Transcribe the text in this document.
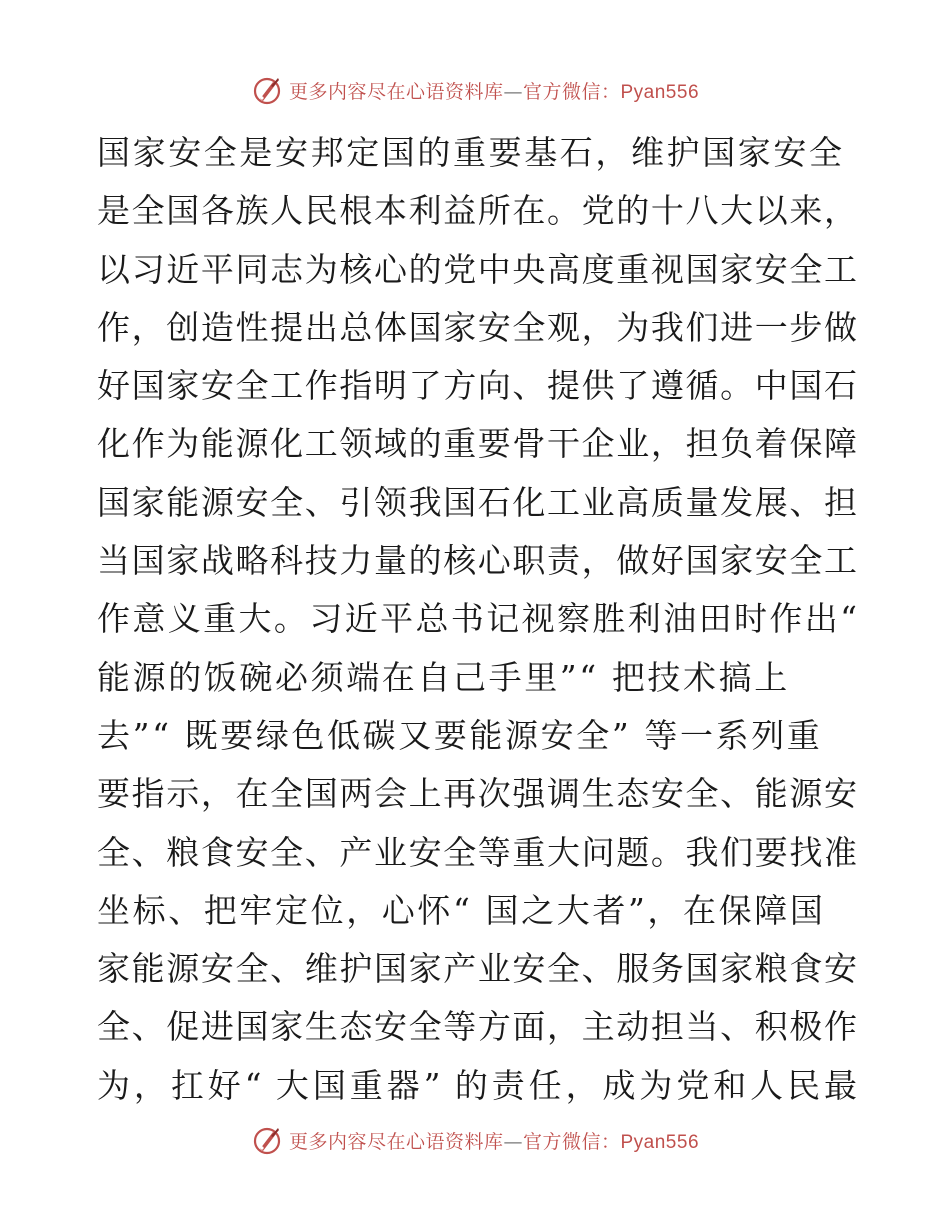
更多内容尽在心语资料库—官方微信：Pyan556
国家安全是安邦定国的重要基石，维护国家安全
是全国各族人民根本利益所在。党的十八大以来，
以习近平同志为核心的党中央高度重视国家安全工
作，创造性提出总体国家安全观，为我们进一步做
好国家安全工作指明了方向、提供了遵循。中国石
化作为能源化工领域的重要骨干企业，担负着保障
国家能源安全、引领我国石化工业高质量发展、担
当国家战略科技力量的核心职责，做好国家安全工
作意义重大。习近平总书记视察胜利油田时作出“
能源的饭碗必须端在自己手里”“ 把技术搞上
去”“ 既要绿色低碳又要能源安全” 等一系列重
要指示，在全国两会上再次强调生态安全、能源安
全、粮食安全、产业安全等重大问题。我们要找准
坐标、把牢定位，心怀“ 国之大者”，在保障国
家能源安全、维护国家产业安全、服务国家粮食安
全、促进国家生态安全等方面，主动担当、积极作
为，扛好“ 大国重器” 的责任，成为党和人民最
更多内容尽在心语资料库—官方微信：Pyan556
